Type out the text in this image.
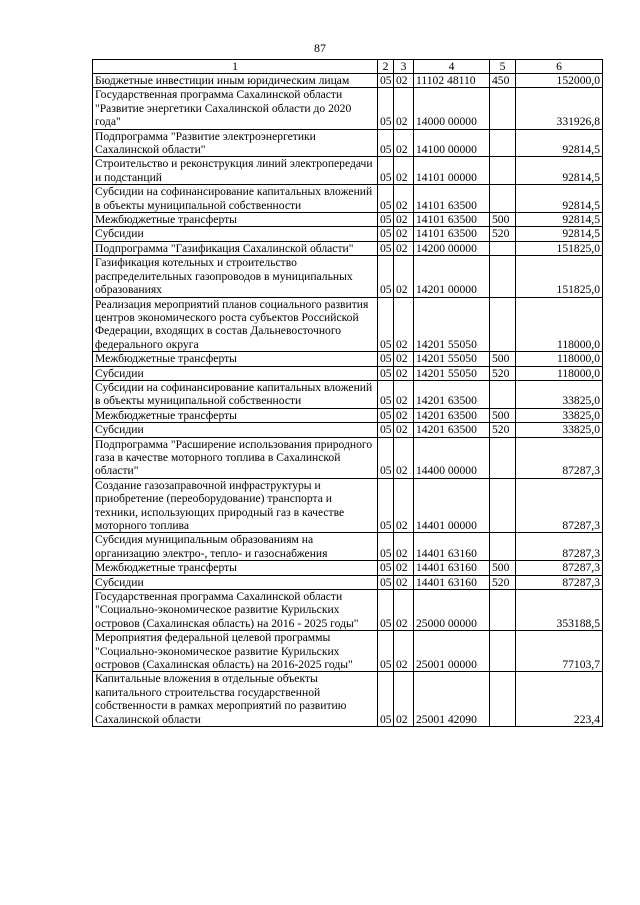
87
1	2	3	4	5	6
Бюджетные инвестиции иным юридическим лицам	05	02	11102 48110	450	152000,0
Государственная программа Сахалинской области "Развитие энергетики Сахалинской области до 2020 года"	05	02	14000 00000		331926,8
Подпрограмма "Развитие электроэнергетики Сахалинской области"	05	02	14100 00000		92814,5
Строительство и реконструкция линий электропередачи и подстанций	05	02	14101 00000		92814,5
Субсидии на софинансирование капитальных вложений в объекты муниципальной собственности	05	02	14101 63500		92814,5
Межбюджетные трансферты	05	02	14101 63500	500	92814,5
Субсидии	05	02	14101 63500	520	92814,5
Подпрограмма "Газификация Сахалинской области"	05	02	14200 00000		151825,0
Газификация котельных и строительство распределительных газопроводов в муниципальных образованиях	05	02	14201 00000		151825,0
Реализация мероприятий планов социального развития центров экономического роста субъектов Российской Федерации, входящих в состав Дальневосточного федерального округа	05	02	14201 55050		118000,0
Межбюджетные трансферты	05	02	14201 55050	500	118000,0
Субсидии	05	02	14201 55050	520	118000,0
Субсидии на софинансирование капитальных вложений в объекты муниципальной собственности	05	02	14201 63500		33825,0
Межбюджетные трансферты	05	02	14201 63500	500	33825,0
Субсидии	05	02	14201 63500	520	33825,0
Подпрограмма "Расширение использования природного газа в качестве моторного топлива в Сахалинской области"	05	02	14400 00000		87287,3
Создание газозаправочной инфраструктуры и приобретение (переоборудование) транспорта и техники, использующих природный газ в качестве моторного топлива	05	02	14401 00000		87287,3
Субсидия муниципальным образованиям на организацию электро-, тепло- и газоснабжения	05	02	14401 63160		87287,3
Межбюджетные трансферты	05	02	14401 63160	500	87287,3
Субсидии	05	02	14401 63160	520	87287,3
Государственная программа Сахалинской области "Социально-экономическое развитие Курильских островов (Сахалинская область) на 2016 - 2025 годы"	05	02	25000 00000		353188,5
Мероприятия федеральной целевой программы "Социально-экономическое развитие Курильских островов (Сахалинская область) на 2016-2025 годы"	05	02	25001 00000		77103,7
Капитальные вложения в отдельные объекты капитального строительства государственной собственности в рамках мероприятий по развитию Сахалинской области	05	02	25001 42090		223,4
